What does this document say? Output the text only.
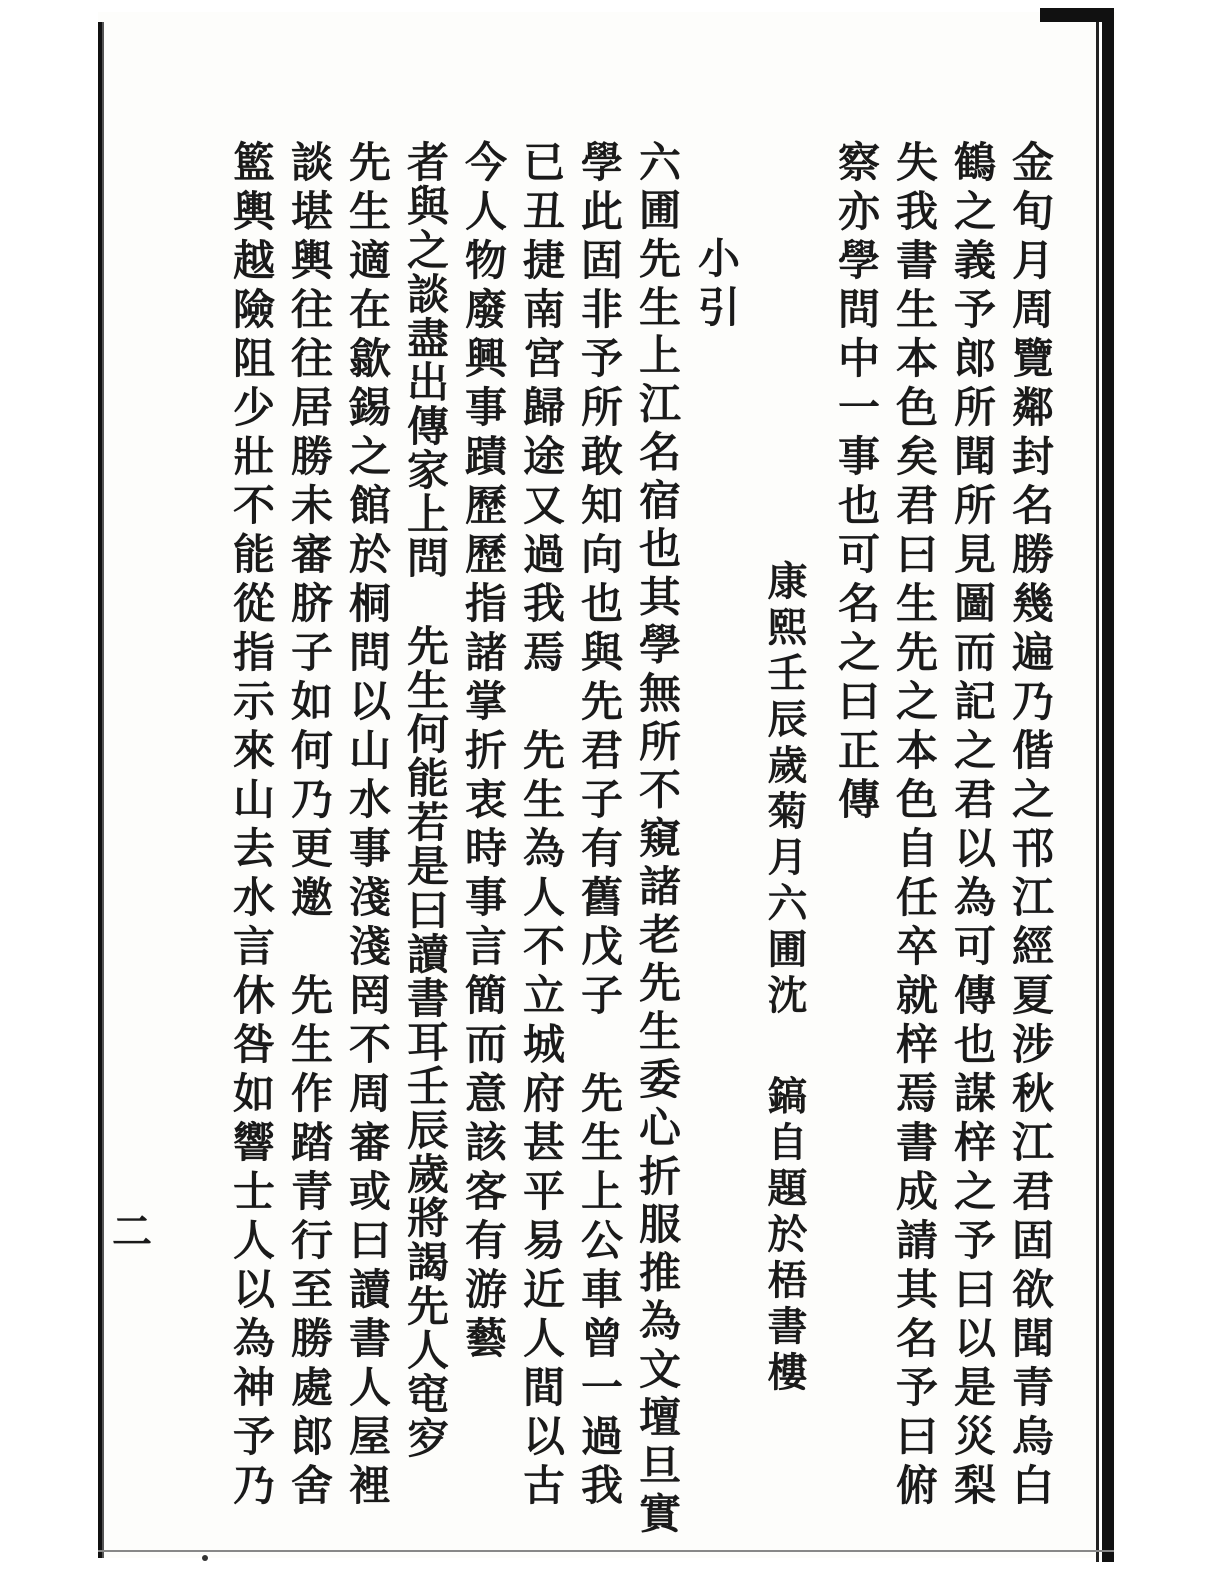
金旬月周覽鄰封名勝幾遍乃偕之邗江經夏涉秋江君固欲聞青烏白
鶴之義予郎所聞所見圖而記之君以為可傳也謀梓之予曰以是災梨
失我書生本色矣君曰生先之本色自任卒就梓焉書成請其名予曰俯
察亦學問中一事也可名之曰正傳
康熙壬辰歲菊月六圃沈
鎬自題於梧書樓
小引
六圃先生上江名宿也其學無所不窺諸老先生委心折服推為文壇旦實
學此固非予所敢知向也與先君子有舊戊子　先生上公車曾一過我
已丑捷南宮歸途又過我焉　先生為人不立城府甚平易近人間以古
今人物廢興事蹟歷歷指諸掌折衷時事言簡而意該客有游藝
者與之談盡出傳家上問　先生何能若是曰讀書耳壬辰歲將謁先人窀穸
先生適在歙錫之館於桐問以山水事淺淺罔不周審或曰讀書人屋裡
談堪輿往往居勝未審脐子如何乃更邀　先生作踏青行至勝處郎舍
籃輿越險阻少壯不能從指示來山去水言休咎如響士人以為神予乃
二
